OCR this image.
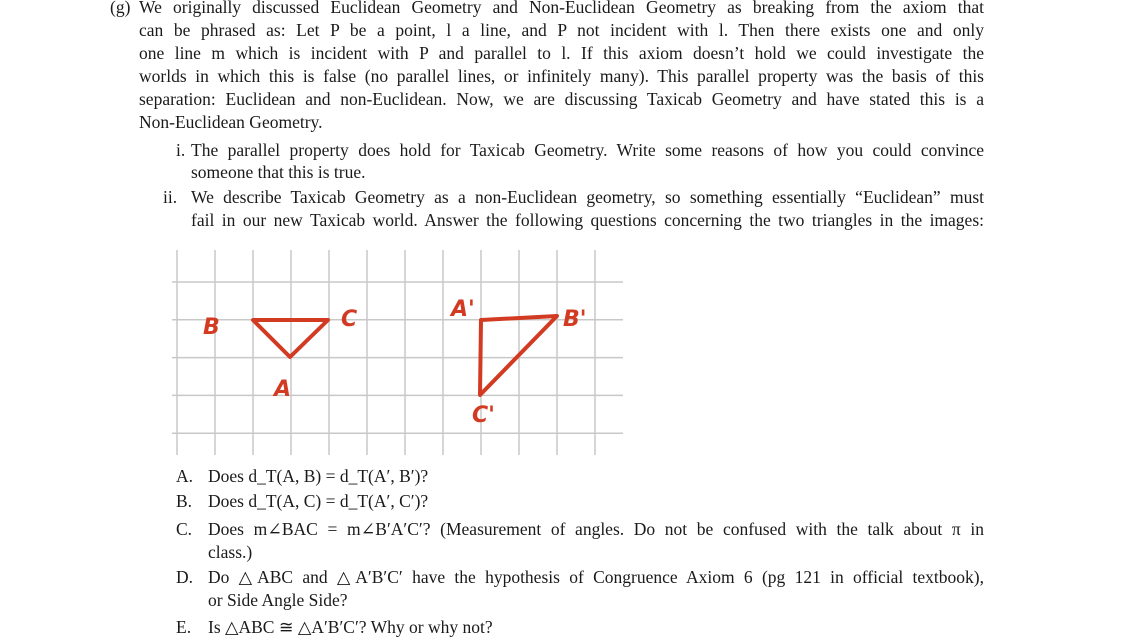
(g) We originally discussed Euclidean Geometry and Non-Euclidean Geometry as breaking from the axiom that
can be phrased as: Let P be a point, l a line, and P not incident with l. Then there exists one and only
one line m which is incident with P and parallel to l. If this axiom doesn’t hold we could investigate the
worlds in which this is false (no parallel lines, or infinitely many). This parallel property was the basis of this
separation: Euclidean and non-Euclidean. Now, we are discussing Taxicab Geometry and have stated this is a
Non-Euclidean Geometry.
i. The parallel property does hold for Taxicab Geometry. Write some reasons of how you could convince
someone that this is true.
ii. We describe Taxicab Geometry as a non-Euclidean geometry, so something essentially “Euclidean” must
fail in our new Taxicab world. Answer the following questions concerning the two triangles in the images:
B	C
A
A'	B'
C'
A. Does d_T(A, B) = d_T(A′, B′)?
B. Does d_T(A, C) = d_T(A′, C′)?
C. Does m∠BAC = m∠B′A′C′? (Measurement of angles. Do not be confused with the talk about π in
class.)
D. Do △ABC and △A′B′C′ have the hypothesis of Congruence Axiom 6 (pg 121 in official textbook),
or Side Angle Side?
E. Is △ABC ≅ △A′B′C′? Why or why not?
